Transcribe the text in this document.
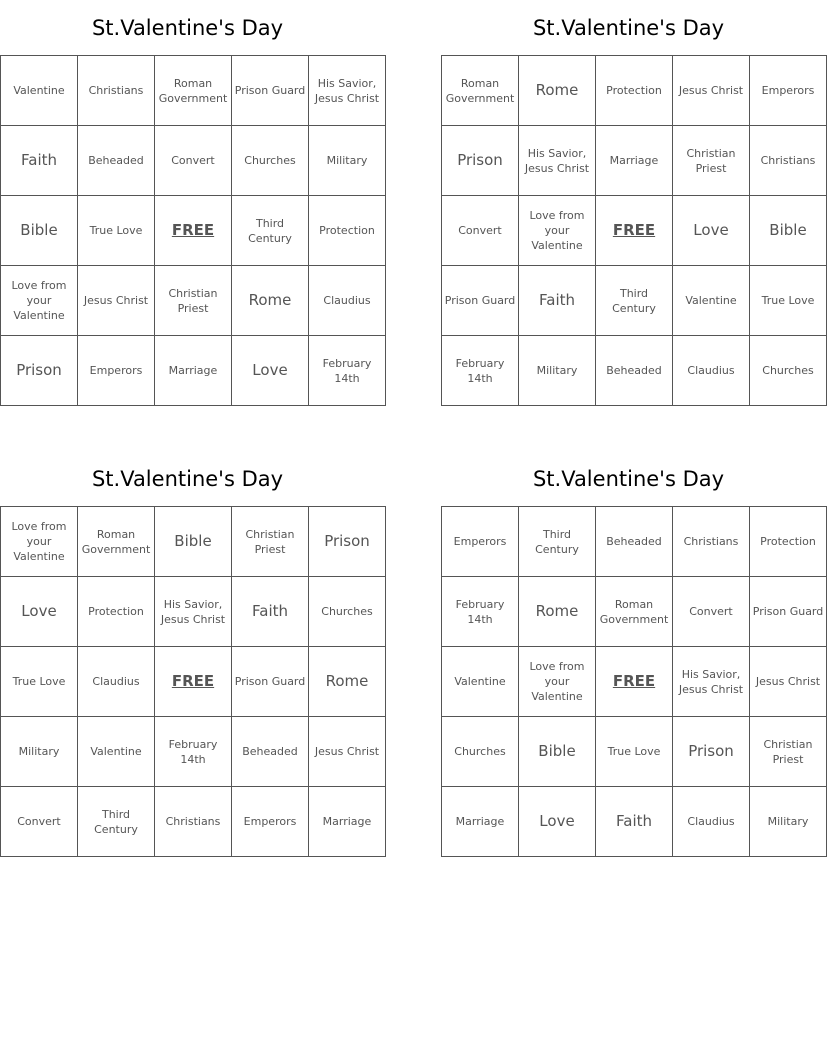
St.Valentine's Day
Valentine	Christians	Roman Government	Prison Guard	His Savior, Jesus Christ
Faith	Beheaded	Convert	Churches	Military
Bible	True Love	FREE	Third Century	Protection
Love from your Valentine	Jesus Christ	Christian Priest	Rome	Claudius
Prison	Emperors	Marriage	Love	February 14th
St.Valentine's Day
Roman Government	Rome	Protection	Jesus Christ	Emperors
Prison	His Savior, Jesus Christ	Marriage	Christian Priest	Christians
Convert	Love from your Valentine	FREE	Love	Bible
Prison Guard	Faith	Third Century	Valentine	True Love
February 14th	Military	Beheaded	Claudius	Churches
St.Valentine's Day
Love from your Valentine	Roman Government	Bible	Christian Priest	Prison
Love	Protection	His Savior, Jesus Christ	Faith	Churches
True Love	Claudius	FREE	Prison Guard	Rome
Military	Valentine	February 14th	Beheaded	Jesus Christ
Convert	Third Century	Christians	Emperors	Marriage
St.Valentine's Day
Emperors	Third Century	Beheaded	Christians	Protection
February 14th	Rome	Roman Government	Convert	Prison Guard
Valentine	Love from your Valentine	FREE	His Savior, Jesus Christ	Jesus Christ
Churches	Bible	True Love	Prison	Christian Priest
Marriage	Love	Faith	Claudius	Military
